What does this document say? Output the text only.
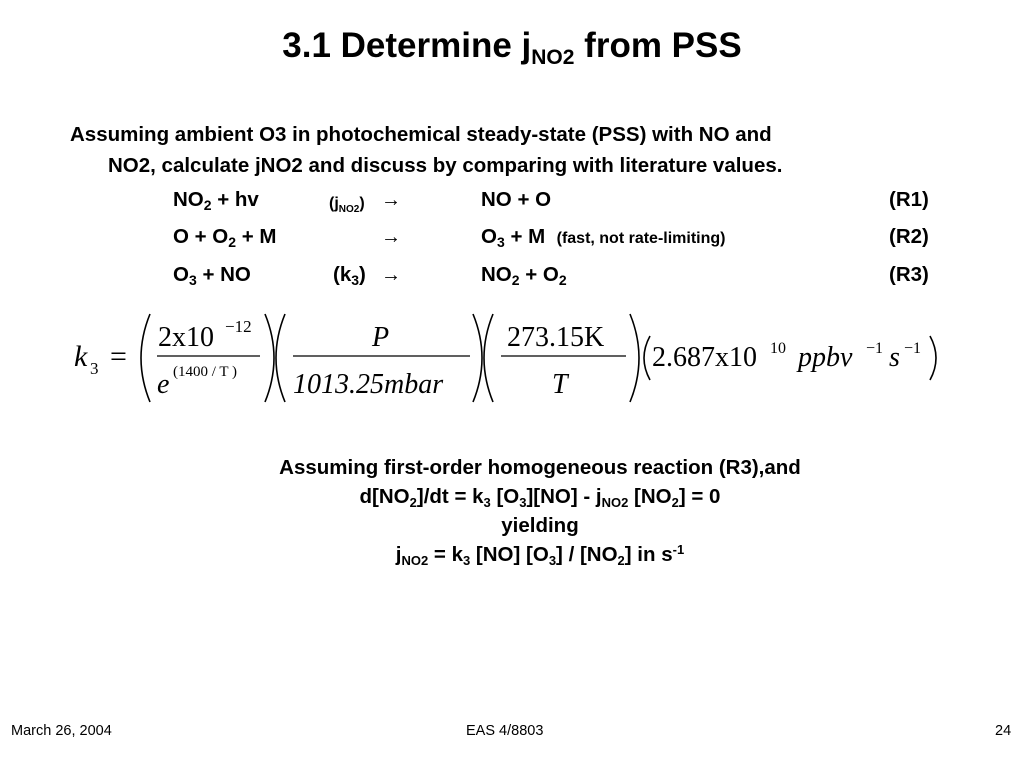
3.1 Determine $j_{NO2}$ from PSS
Assuming ambient O3 in photochemical steady-state (PSS) with NO and
NO2, calculate jNO2 and discuss by comparing with literature values.
$NO_2$ + hv	$(j_{NO2})$ →	NO + O	(R1)
$O + O_2 + M$	→	$O_3 + M$ (fast, not rate-limiting)	(R2)
$O_3$ + NO	$(k_3)$ →	$NO_2 + O_2$	(R3)
k 3 =
2x10 −12
e (1400 / T )
P
1013.25mbar
273.15K
T
2.687x10 10 ppbv −1 s −1
Assuming first-order homogeneous reaction (R3),and
$d[NO_2]/dt = k_3$ $[O_3][NO] - j_{NO2}$ $[NO_2] = 0$
yielding
$j_{NO2} = k_3$ [NO] $[O_3] / [NO_2]$ in $s^{-1}$
March 26, 2004	EAS 4/8803	24
